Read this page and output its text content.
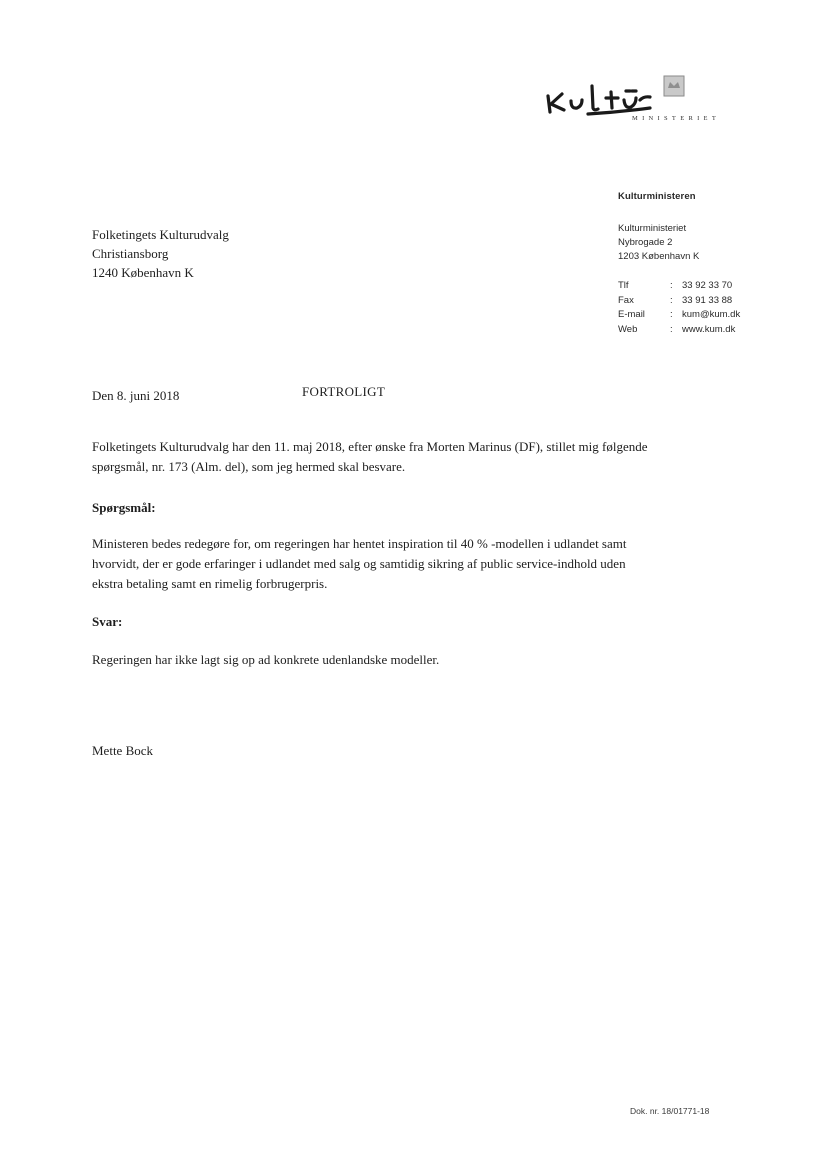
MINISTERIET
Kulturministeren
Kulturministeriet
Nybrogade 2
1203 København K
Tlf	: 33 92 33 70
Fax	: 33 91 33 88
E-mail	: kum@kum.dk
Web	: www.kum.dk
Folketingets Kulturudvalg
Christiansborg
1240 København K
Den 8. juni 2018	FORTROLIGT
Folketingets Kulturudvalg har den 11. maj 2018, efter ønske fra Morten Marinus (DF), stillet mig følgende spørgsmål, nr. 173 (Alm. del), som jeg hermed skal besvare.
Spørgsmål:
Ministeren bedes redegøre for, om regeringen har hentet inspiration til 40 % -modellen i udlandet samt hvorvidt, der er gode erfaringer i udlandet med salg og samtidig sikring af public service-indhold uden ekstra betaling samt en rimelig forbrugerpris.
Svar:
Regeringen har ikke lagt sig op ad konkrete udenlandske modeller.
Mette Bock
Dok. nr. 18/01771-18
